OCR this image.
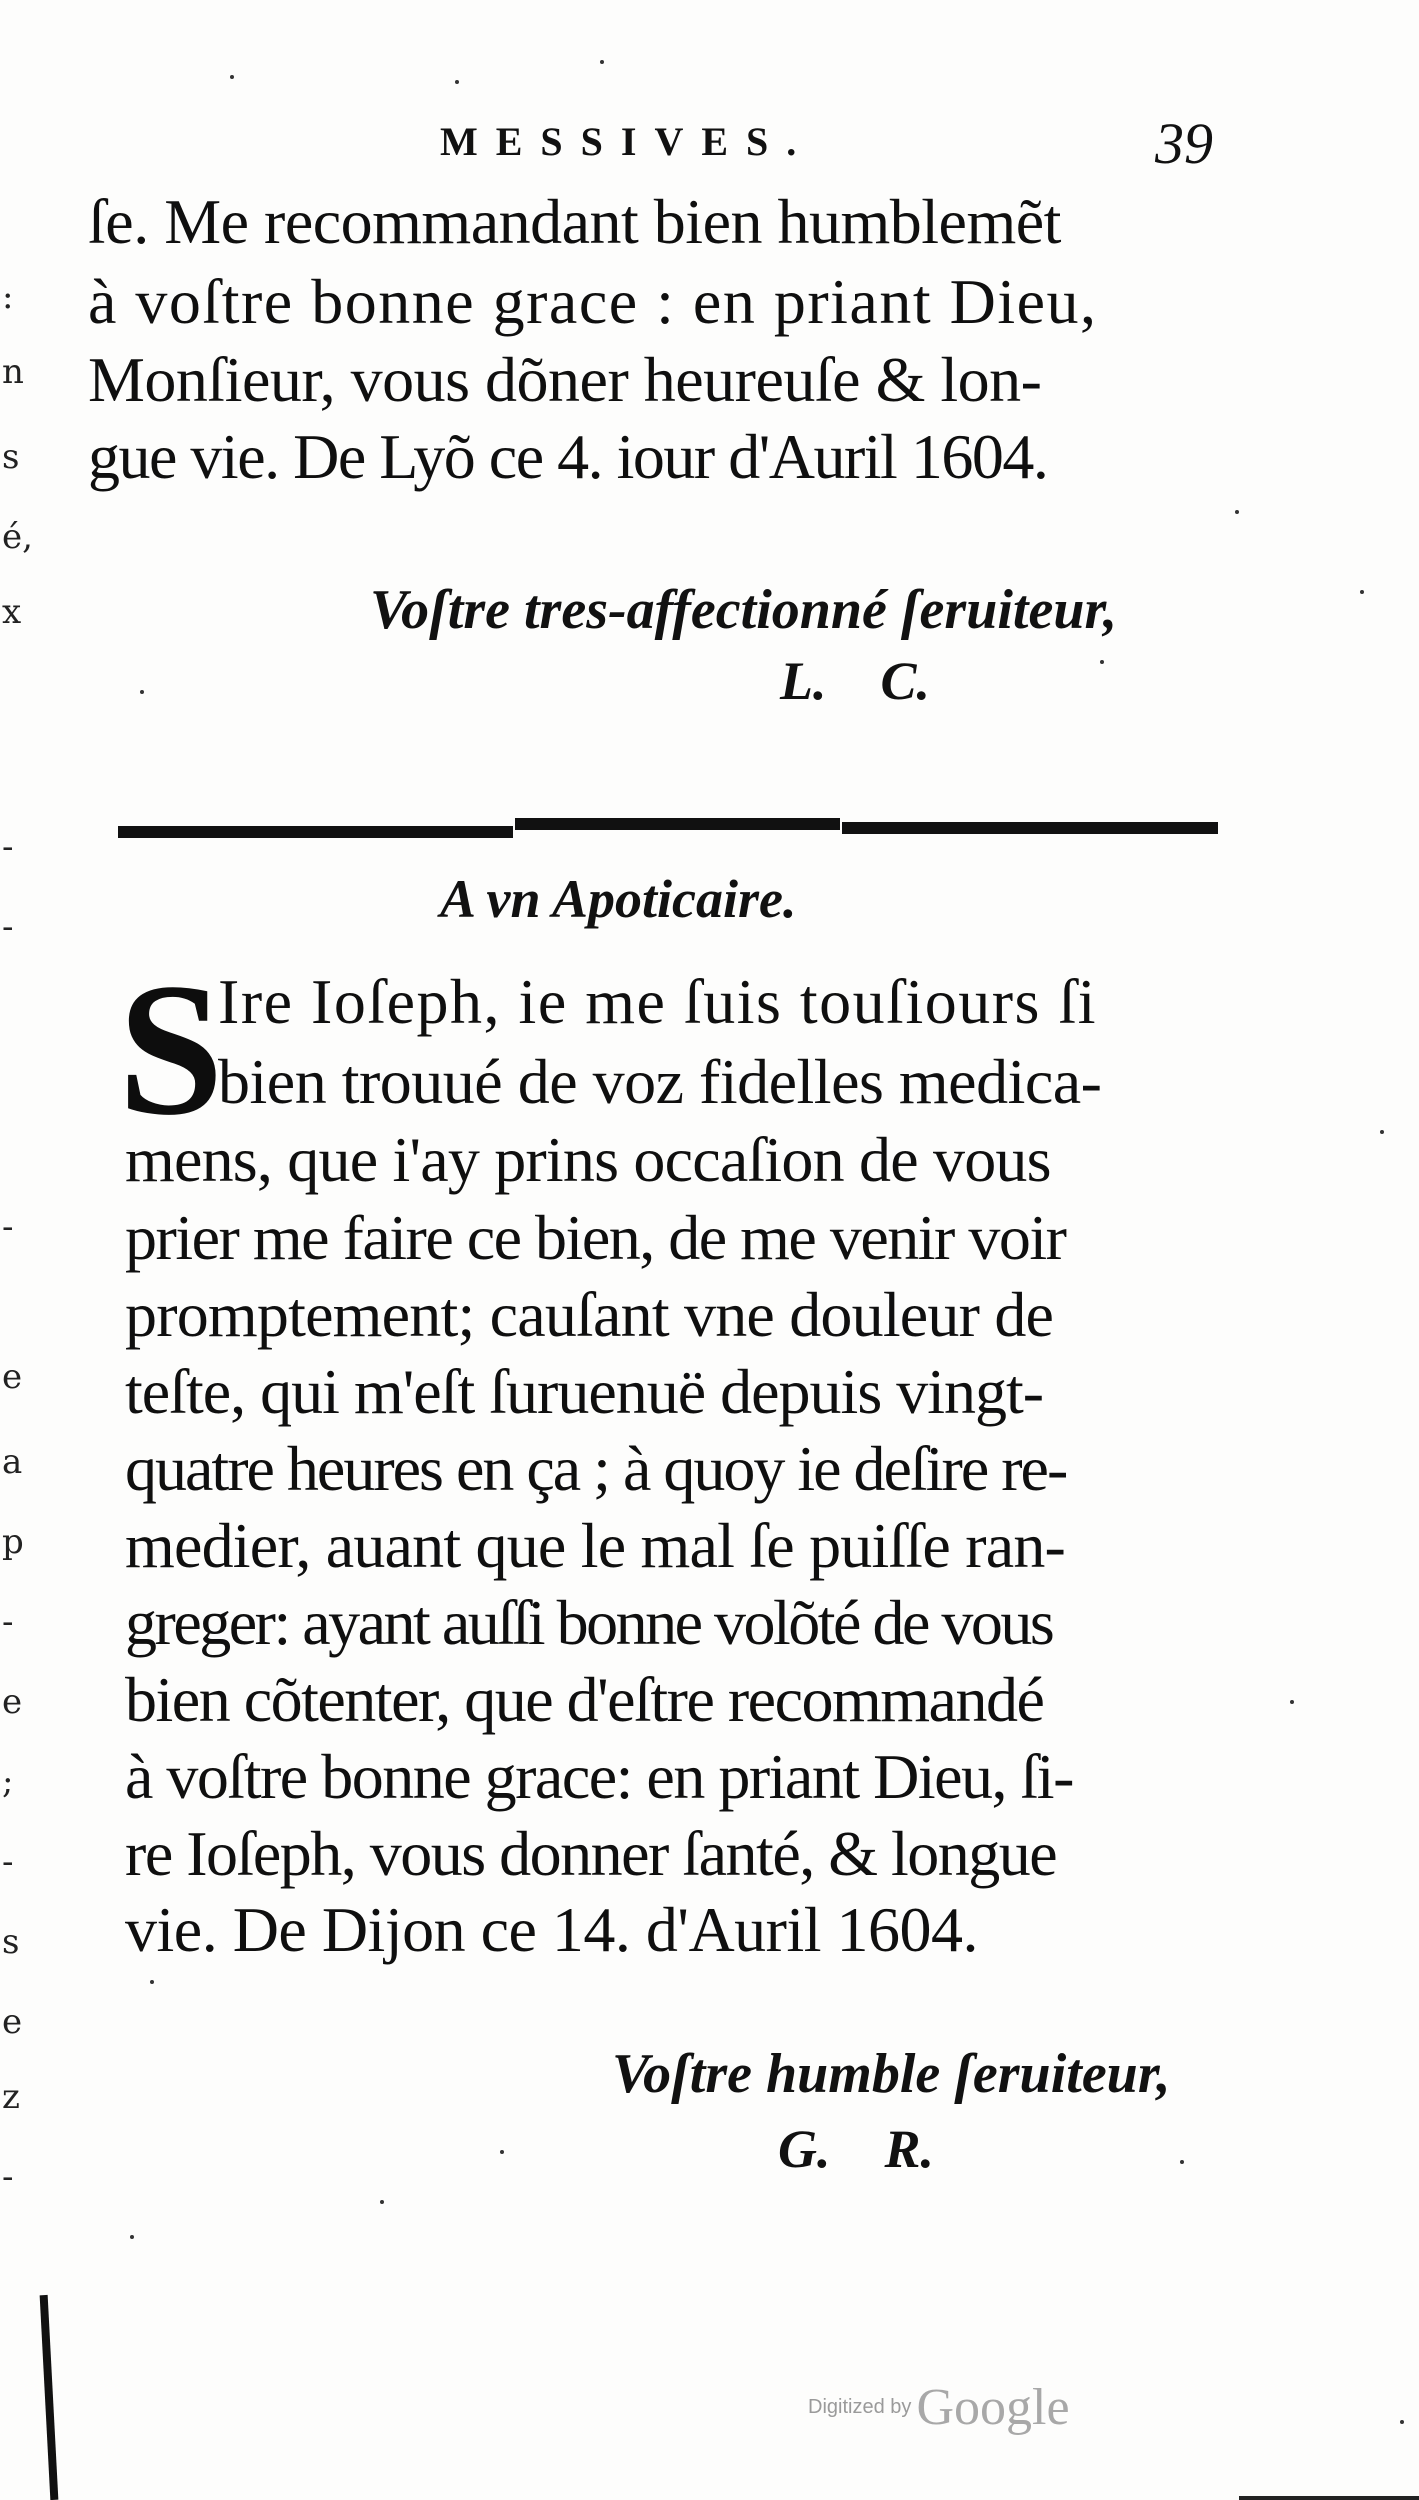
:
n
s
é,
x
-
-
-
e
a
p
-
e
;
-
s
e
z
-
MESSIVES.	39
ſe. Me recommandant bien humblemẽt
à voſtre bonne grace : en priant Dieu,
Monſieur, vous dõner heureuſe & lon-
gue vie. De Lyõ ce 4. iour d'Auril 1604.
Voſtre tres-affectionné ſeruiteur,
L.    C.
A vn Apoticaire.
S
Ire Ioſeph, ie me ſuis touſiours ſi
bien trouué de voz fidelles medica-
mens, que i'ay prins occaſion de vous
prier me faire ce bien, de me venir voir
promptement; cauſant vne douleur de
teſte, qui m'eſt ſuruenuë depuis vingt-
quatre heures en ça ; à quoy ie deſire re-
medier, auant que le mal ſe puiſſe ran-
greger: ayant auſſi bonne volõté de vous
bien cõtenter, que d'eſtre recommandé
à voſtre bonne grace: en priant Dieu, ſi-
re Ioſeph, vous donner ſanté, & longue
vie. De Dijon ce 14. d'Auril 1604.
Voſtre humble ſeruiteur,
G.    R.
Digitized by Google
